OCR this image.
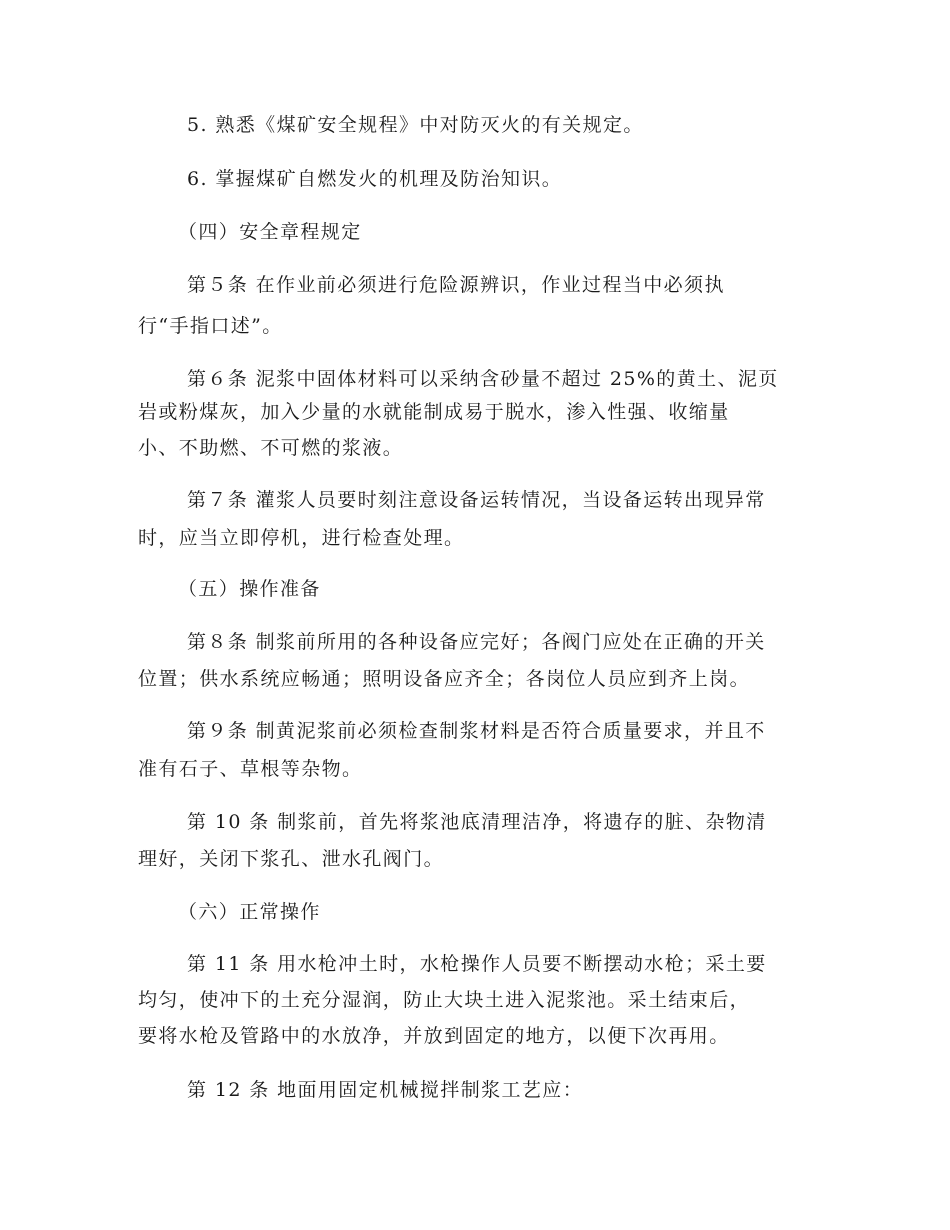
5. 熟悉《煤矿安全规程》中对防灭火的有关规定。
6. 掌握煤矿自燃发火的机理及防治知识。
（四）安全章程规定
第５条 在作业前必须进行危险源辨识，作业过程当中必须执
行“手指口述”。
第６条 泥浆中固体材料可以采纳含砂量不超过 25%的黄土、泥页
岩或粉煤灰，加入少量的水就能制成易于脱水，渗入性强、收缩量
小、不助燃、不可燃的浆液。
第７条 灌浆人员要时刻注意设备运转情况，当设备运转出现异常
时，应当立即停机，进行检查处理。
（五）操作准备
第８条 制浆前所用的各种设备应完好；各阀门应处在正确的开关
位置；供水系统应畅通；照明设备应齐全；各岗位人员应到齐上岗。
第９条 制黄泥浆前必须检查制浆材料是否符合质量要求，并且不
准有石子、草根等杂物。
第 10 条 制浆前，首先将浆池底清理洁净，将遗存的脏、杂物清
理好，关闭下浆孔、泄水孔阀门。
（六）正常操作
第 11 条 用水枪冲土时，水枪操作人员要不断摆动水枪；采土要
均匀，使冲下的土充分湿润，防止大块土进入泥浆池。采土结束后，
要将水枪及管路中的水放净，并放到固定的地方，以便下次再用。
第 12 条 地面用固定机械搅拌制浆工艺应：
